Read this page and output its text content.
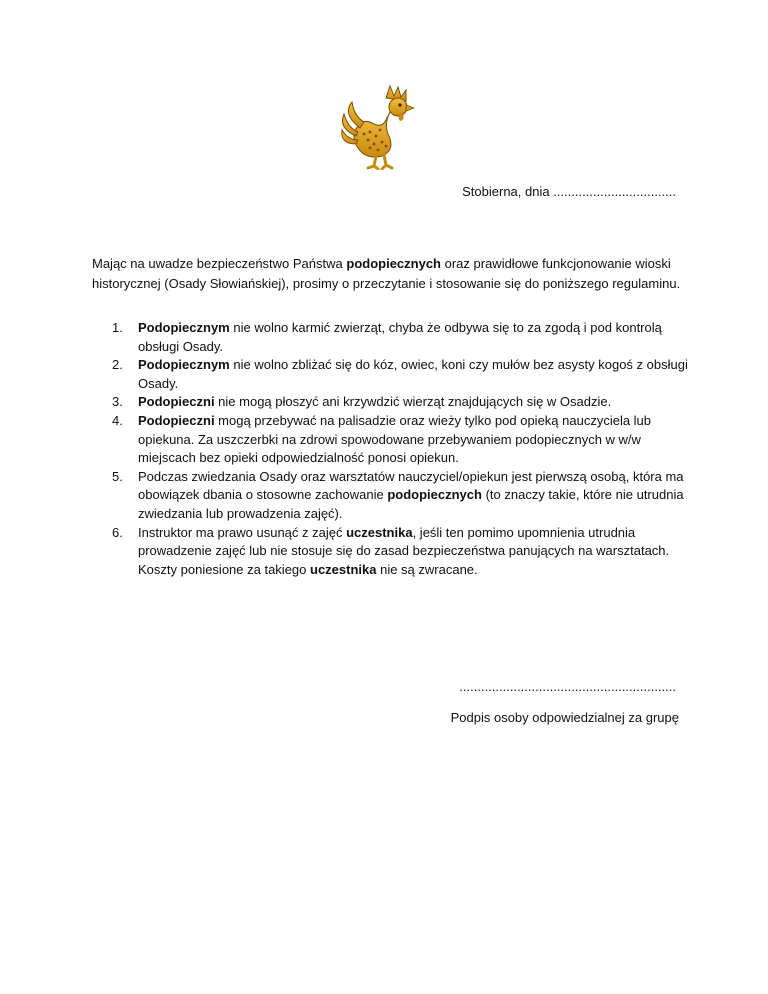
Stobierna, dnia ..................................

Mając na uwadze bezpieczeństwo Państwa podopiecznych oraz prawidłowe funkcjonowanie wioski historycznej (Osady Słowiańskiej), prosimy o przeczytanie i stosowanie się do poniższego regulaminu.

1. Podopiecznym nie wolno karmić zwierząt, chyba że odbywa się to za zgodą i pod kontrolą obsługi Osady.
2. Podopiecznym nie wolno zbliżać się do kóz, owiec, koni czy mułów bez asysty kogoś z obsługi Osady.
3. Podopieczni nie mogą płoszyć ani krzywdzić wierząt znajdujących się w Osadzie.
4. Podopieczni mogą przebywać na palisadzie oraz wieży tylko pod opieką nauczyciela lub opiekuna. Za uszczerbki na zdrowi spowodowane przebywaniem podopiecznych w w/w miejscach bez opieki odpowiedzialność ponosi opiekun.
5. Podczas zwiedzania Osady oraz warsztatów nauczyciel/opiekun jest pierwszą osobą, która ma obowiązek dbania o stosowne zachowanie podopiecznych (to znaczy takie, które nie utrudnia zwiedzania lub prowadzenia zajęć).
6. Instruktor ma prawo usunąć z zajęć uczestnika, jeśli ten pomimo upomnienia utrudnia prowadzenie zajęć lub nie stosuje się do zasad bezpieczeństwa panujących na warsztatach. Koszty poniesione za takiego uczestnika nie są zwracane.
............................................................
Podpis osoby odpowiedzialnej za grupę
